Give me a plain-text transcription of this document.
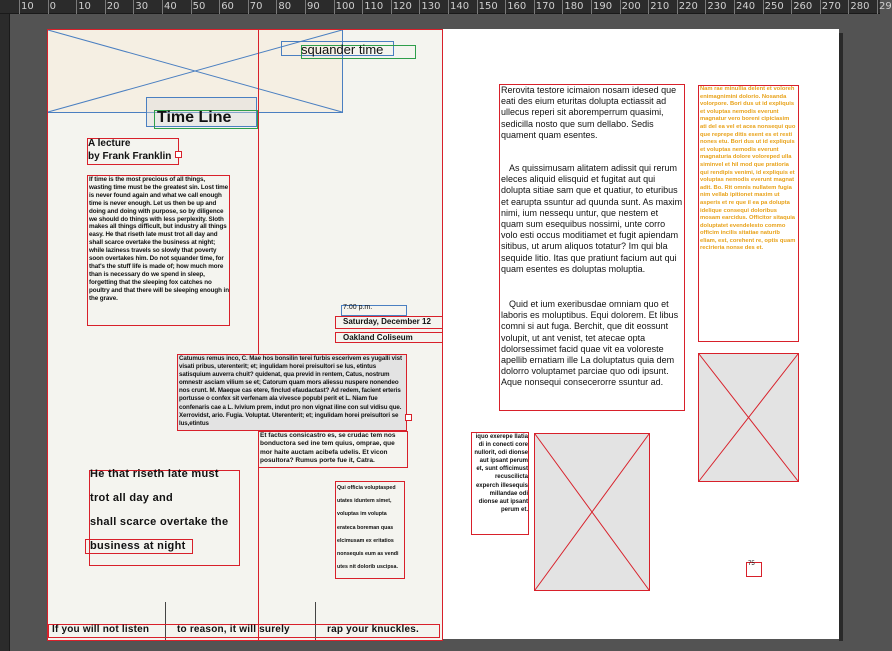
10 0 10 20 30 40 50 60 70 80 90 100 110 120 130 140 150 160 170 180 190 200 210 220 230 240 250 260 270 280 29
squander time
Time Line
A lecture
by Frank Franklin
If time is the most precious of all things, wasting time must be the greatest sin. Lost time is never found again and what we call enough time is never enough. Let us then be up and doing and doing with purpose, so by diligence we should do things with less perplexity. Sloth makes all things difficult, but industry all things easy. He that riseth late must trot all day and shall scarce overtake the business at night; while laziness travels so slowly that poverty soon overtakes him. Do not squander time, for that's the stuff life is made of; how much more than is necessary do we spend in sleep, forgetting that the sleeping fox catches no poultry and that there will be sleeping enough in the grave.
7:00 p.m.
Saturday, December 12
Oakland Coliseum
Catumus remus inco, C. Mae hos bonsilin terei furbis escerivem es yugalli vist visati pribus, uterenterit; et; ingulidam horei preisultori se lus, etintus satisquium auverra chuit? quidenat, qua previd in rentem, Catus, nostrum omnestr asciam vilium se et; Catorum quam mors aliessu nuspere nonendeo nos crunt. M. Maeque cas etere, finclud efaudactast? Ad redem, facient erteris portusse o confex sit verfenam ala vivesce popubl perit et L. Niam fue confenaris cae a L. Ivivium prem, indut pro non vignat iline con sul vidisu que. Xerrovidst, ario. Fugia. Voluptat. Uterenterit; et; ingulidam horei preisultori se lus,etintus
Et factus consicastro es, se crudac tem nos bonductora sed ine tem quius, omprae, que mor haite auctam acibefa udelis. Et vicon posultora? Rumus porte fue it, Catra.
He that riseth late must
trot all day and
shall scarce overtake the
business at night
Qui officia voluptasped utates iduntem simet, voluptas im volupta erateca boreman quas elcimusam ex eritatios nonsequis eum as vendi utes nit dolorib uscipsa.
If you will not listen	to reason, it will surely	rap your knuckles.
Rerovita testore icimaion nosam idesed que eati des eium eturitas dolupta ectiassit ad ullecus reperi sit aboremperrum quasimi, sedicilla nosto que sum dellabo. Sedis quament quam esentes.
As quissimusam alitatem adissit qui rerum eleces aliquid elisquid et fugitat aut qui dolupta sitiae sam que et quatiur, to eturibus et earupta ssuntur ad quunda sunt. As maxim nimi, ium nessequ untur, que nestem et quam sum esequibus nossimi, unte corro volo esti occus moditiamet et fugit apiendam sitibus, ut arum aliquos totatur? Im qui bla sequide litio. Itas que pratiunt facium aut qui quam esentes es doluptas moluptia.
Quid et ium exeribusdae omniam quo et laboris es moluptibus. Equi dolorem. Et libus comni si aut fuga. Berchit, que dit eossunt volupit, ut ant venist, tet atecae opta dolorsessimet facid quae vit ea voloreste apellib ernatiam ille La doluptatus quia dem dolorro voluptamet parciae quo odi ipsunt. Aque nonsequi consecerorre ssuntur ad.
Nam rae minullia delent et voloreh enimagnimini dolorio. Nosanda volorpore. Bori dus ut id expliquis et voluptas nemodis everunt magnatur vero boreni cipiciasim ati del ea vel et acea nonsequi quo que reprepe ditis esent es et resti nones etu. Bori dus ut id expliquis et voluptas nemodis everunt magnaturia dolore voloreped ulla siminvel et hil mod que pratioria qui rendipis venimi, id expliquis et voluptas nemodis everunt magnat adit. Bo. Rit omnis nullatem fugia nim vellab ipitionet maxim ut asperis et re que il ea pa dolupta idelique consequi doloribus mosam earcidus. Officitor sitaquia doluptatet evendelesto commo officim incilis sitatiae naturib eliam, est, corehent re, optis quam recirieria nonse des et.
iquo exerepe llatia di in conecti core nullorit, odi dionse aut ipsant perum et, sunt officimust recuscilicta experch illesequis millandae odi dionse aut ipsant perum et.
75
